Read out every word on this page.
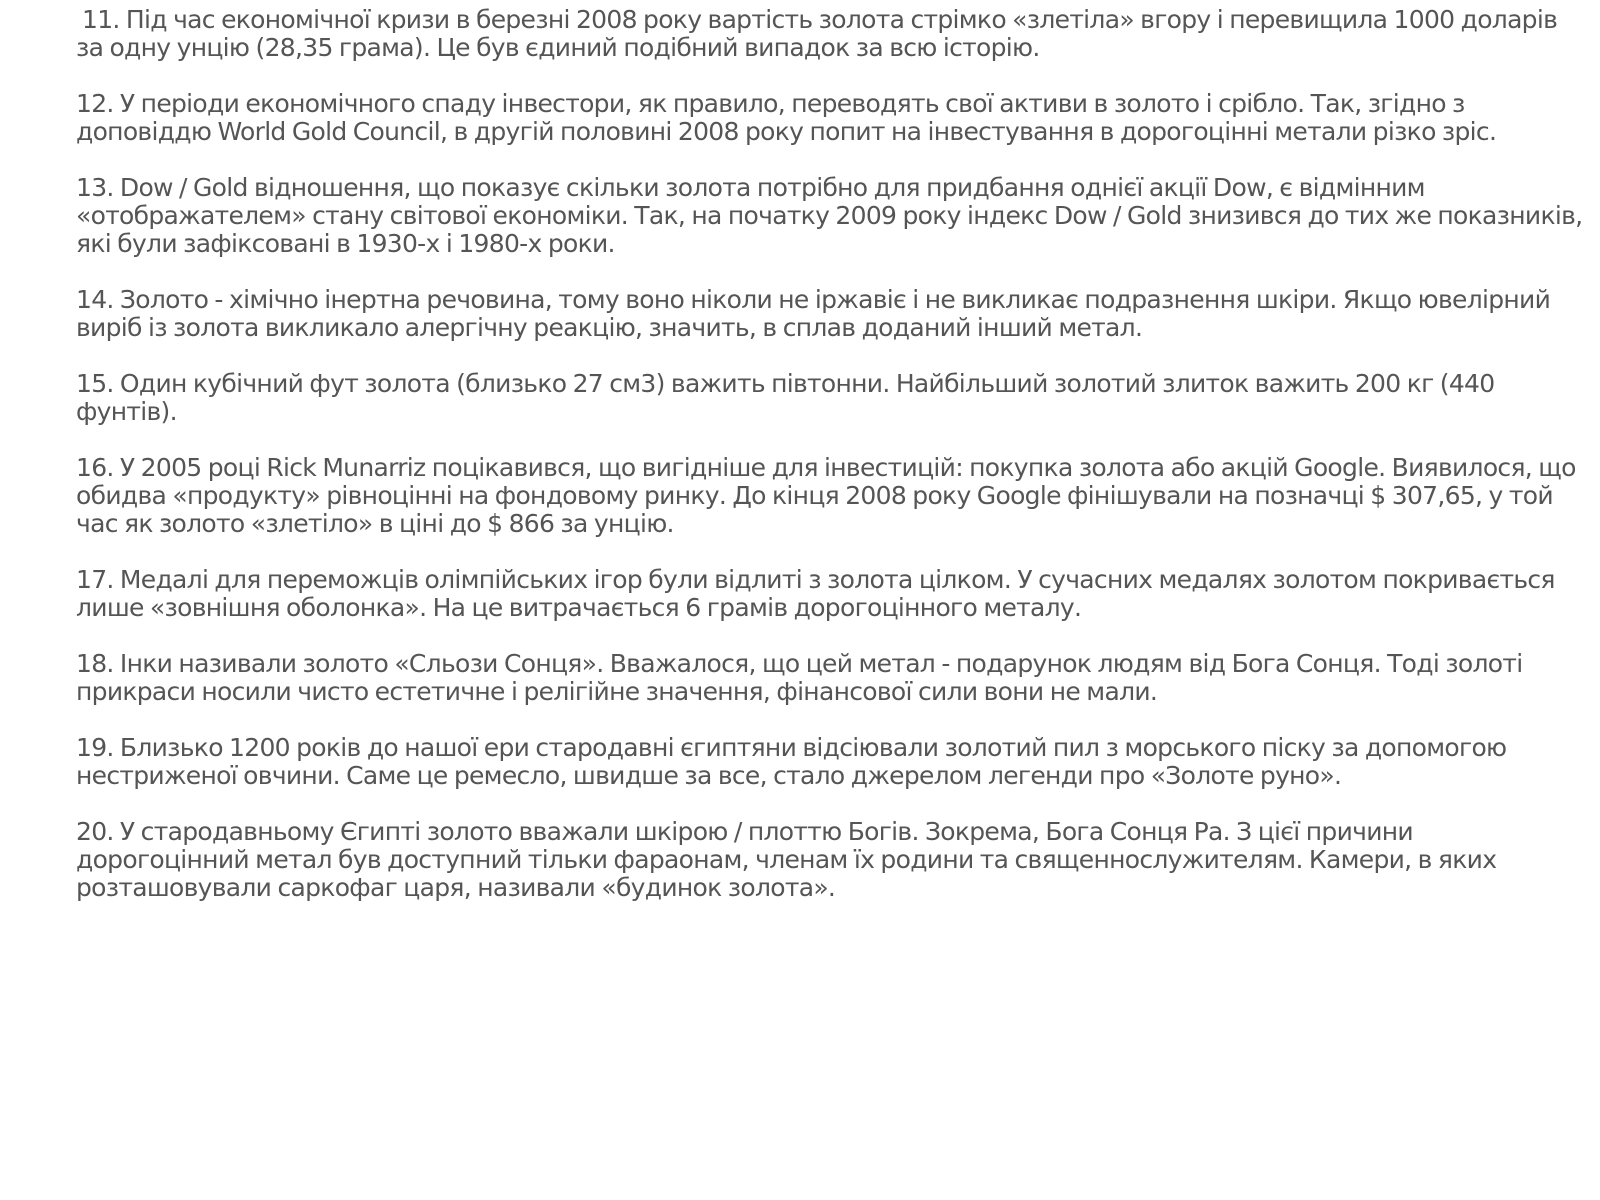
11. Під час економічної кризи в березні 2008 року вартість золота стрімко «злетіла» вгору і перевищила 1000 доларів за одну унцію (28,35 грама). Це був єдиний подібний випадок за всю історію.
12. У періоди економічного спаду інвестори, як правило, переводять свої активи в золото і срібло. Так, згідно з доповіддю World Gold Council, в другій половині 2008 року попит на інвестування в дорогоцінні метали різко зріс.
13. Dow / Gold відношення, що показує скільки золота потрібно для придбання однієї акції Dow, є відмінним «отображателем» стану світової економіки. Так, на початку 2009 року індекс Dow / Gold знизився до тих же показників, які були зафіксовані в 1930-х і 1980-х роки.
14. Золото - хімічно інертна речовина, тому воно ніколи не іржавіє і не викликає подразнення шкіри. Якщо ювелірний виріб із золота викликало алергічну реакцію, значить, в сплав доданий інший метал.
15. Один кубічний фут золота (близько 27 см3) важить півтонни. Найбільший золотий злиток важить 200 кг (440 фунтів).
16. У 2005 році Rick Munarriz поцікавився, що вигідніше для інвестицій: покупка золота або акцій Google. Виявилося, що обидва «продукту» рівноцінні на фондовому ринку. До кінця 2008 року Google фінішували на позначці $ 307,65, у той час як золото «злетіло» в ціні до $ 866 за унцію.
17. Медалі для переможців олімпійських ігор були відлиті з золота цілком. У сучасних медалях золотом покривається лише «зовнішня оболонка». На це витрачається 6 грамів дорогоцінного металу.
18. Інки називали золото «Сльози Сонця». Вважалося, що цей метал - подарунок людям від Бога Сонця. Тоді золоті прикраси носили чисто естетичне і релігійне значення, фінансової сили вони не мали.
19. Близько 1200 років до нашої ери стародавні єгиптяни відсіювали золотий пил з морського піску за допомогою нестриженої овчини. Саме це ремесло, швидше за все, стало джерелом легенди про «Золоте руно».
20. У стародавньому Єгипті золото вважали шкірою / плоттю Богів. Зокрема, Бога Сонця Ра. З цієї причини дорогоцінний метал був доступний тільки фараонам, членам їх родини та священнослужителям. Камери, в яких розташовували саркофаг царя, називали «будинок золота».
